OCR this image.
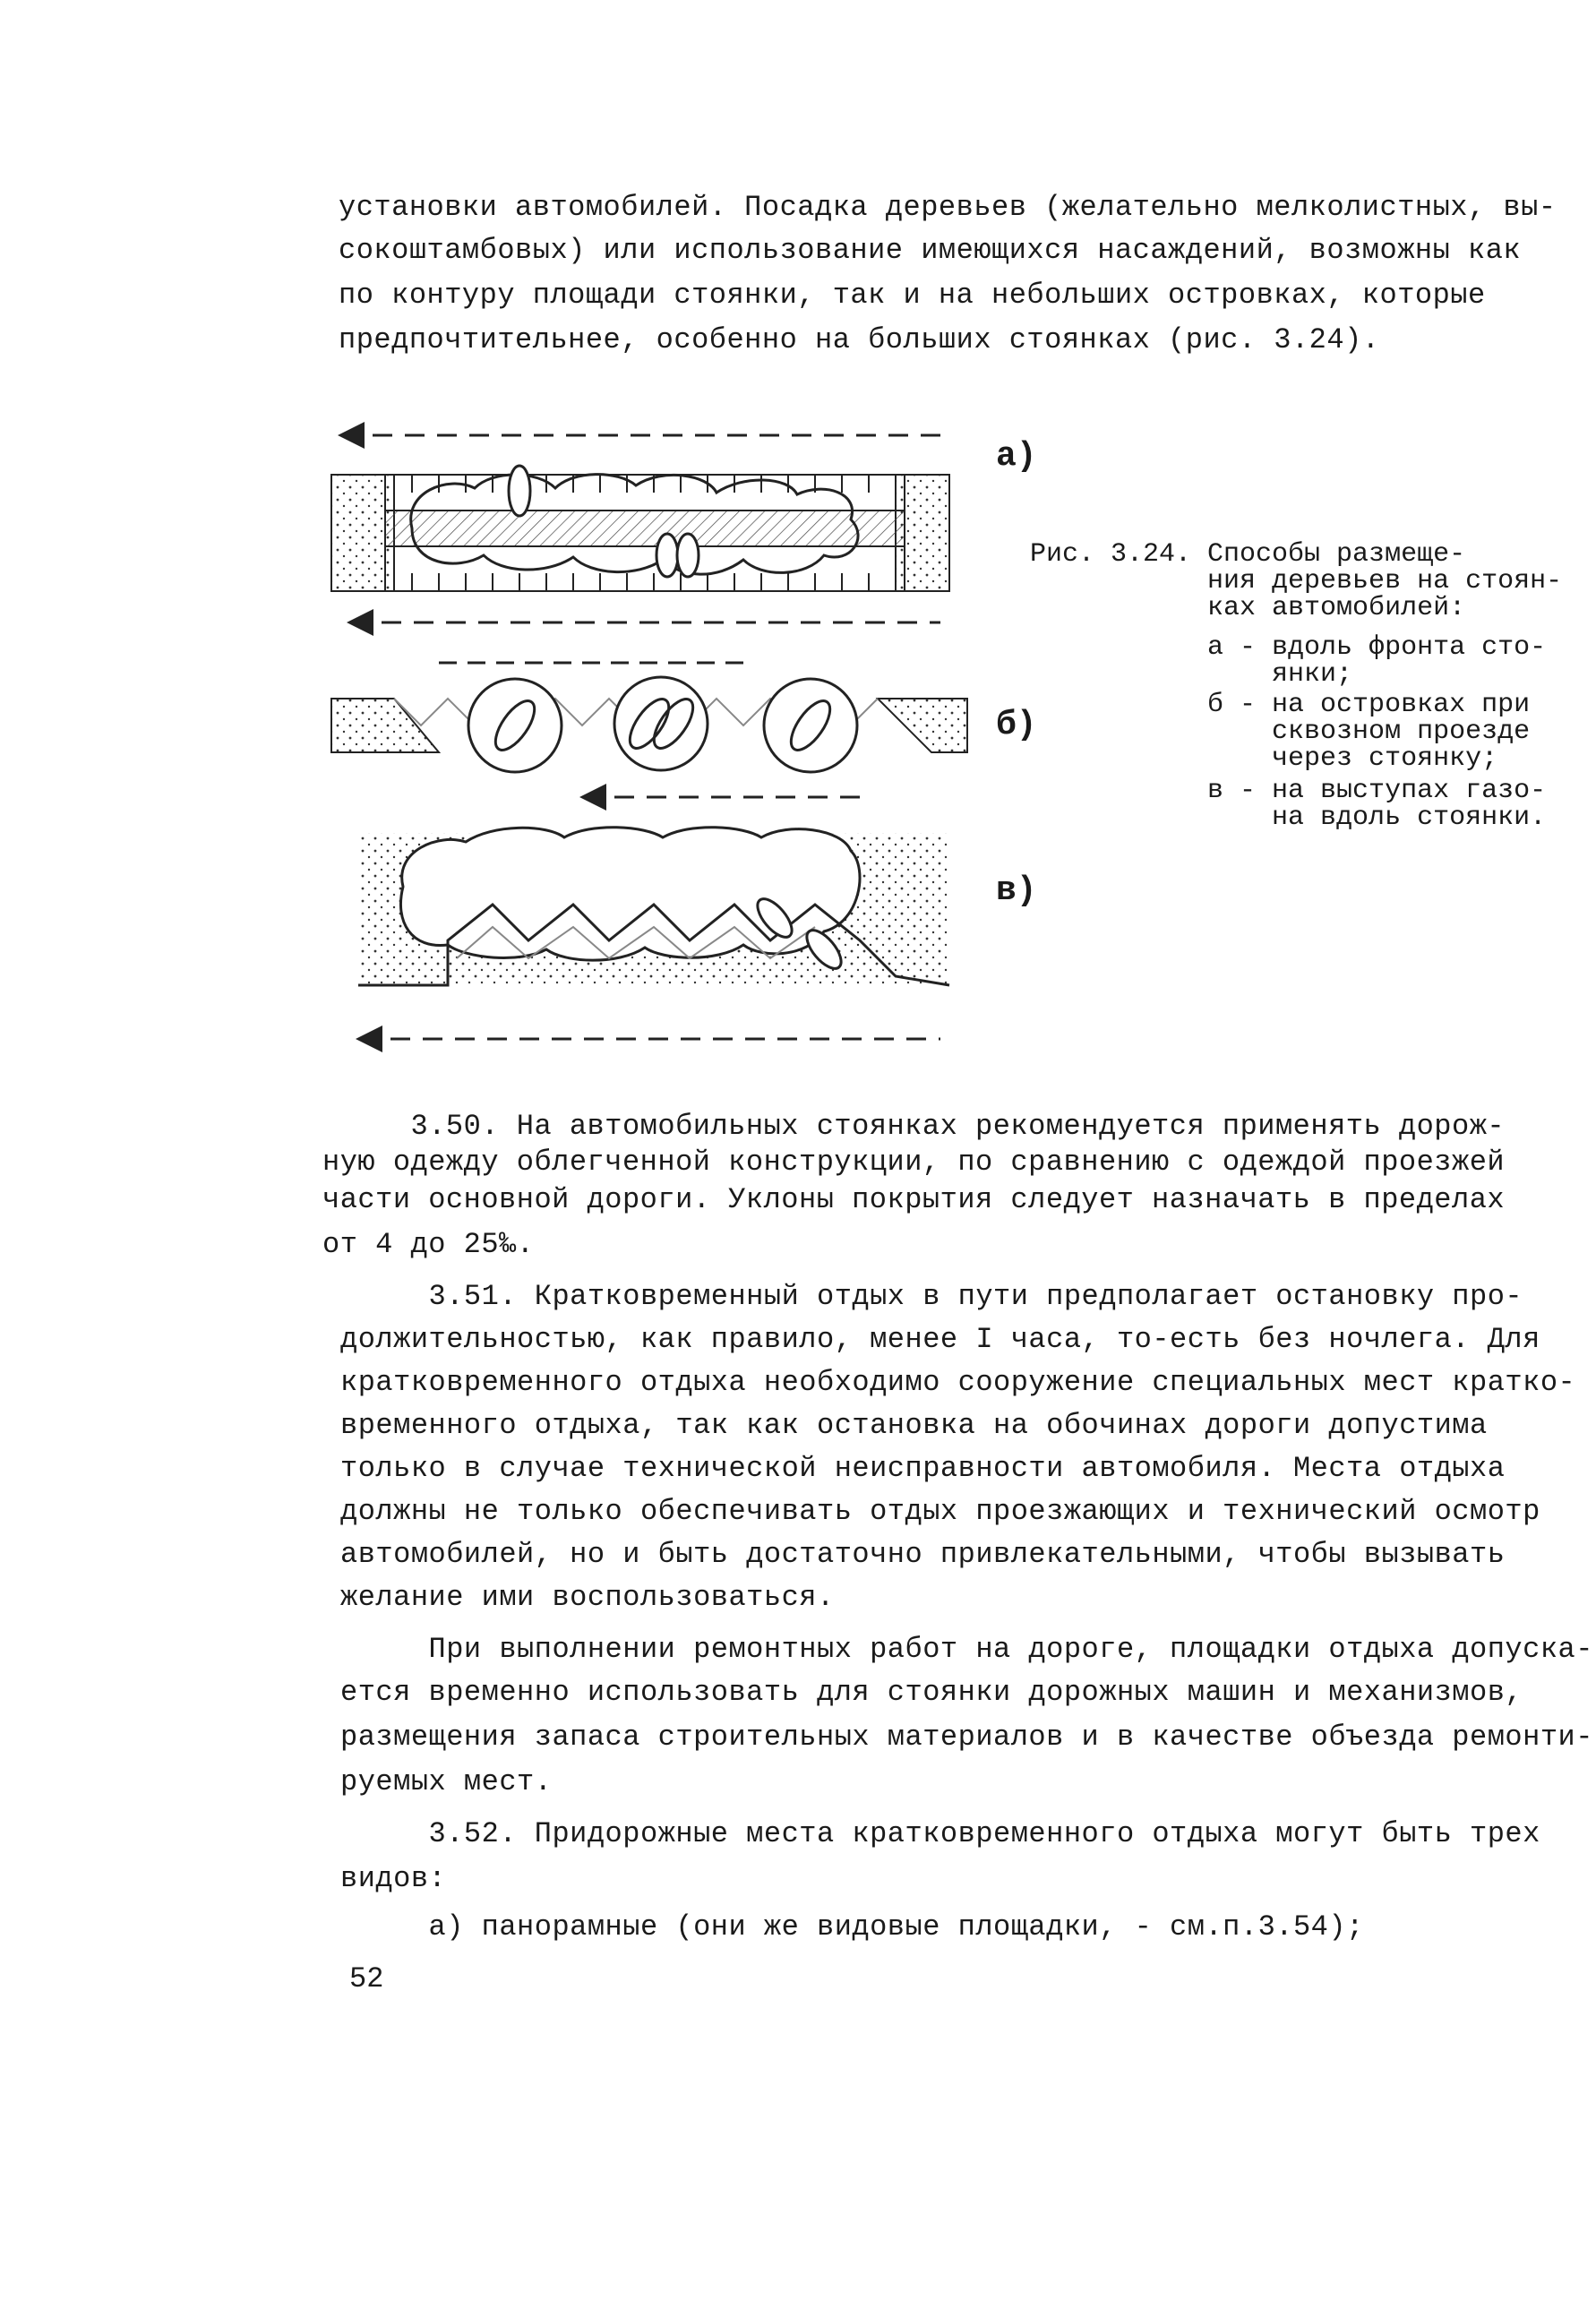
установки автомобилей. Посадка деревьев (желательно мелколистных, вы-
сокоштамбовых) или использование имеющихся насаждений, возможны как
по контуру площади стоянки, так и на небольших островках, которые
предпочтительнее, особенно на больших стоянках (рис. 3.24).
а)
б)
в)
Рис. 3.24. Способы размеще-
ния деревьев на стоян-
ках автомобилей:
а - вдоль фронта сто-
янки;
б - на островках при
сквозном проезде
через стоянку;
в - на выступах газо-
на вдоль стоянки.
3.50. На автомобильных стоянках рекомендуется применять дорож-
ную одежду облегченной конструкции, по сравнению с одеждой проезжей
части основной дороги. Уклоны покрытия следует назначать в пределах
от 4 до 25‰.
3.51. Кратковременный отдых в пути предполагает остановку про-
должительностью, как правило, менее I часа, то-есть без ночлега. Для
кратковременного отдыха необходимо сооружение специальных мест кратко-
временного отдыха, так как остановка на обочинах дороги допустима
только в случае технической неисправности автомобиля. Места отдыха
должны не только обеспечивать отдых проезжающих и технический осмотр
автомобилей, но и быть достаточно привлекательными, чтобы вызывать
желание ими воспользоваться.
При выполнении ремонтных работ на дороге, площадки отдыха допуска-
ется временно использовать для стоянки дорожных машин и механизмов,
размещения запаса строительных материалов и в качестве объезда ремонти-
руемых мест.
3.52. Придорожные места кратковременного отдыха могут быть трех
видов:
а) панорамные (они же видовые площадки, - см.п.3.54);
52
